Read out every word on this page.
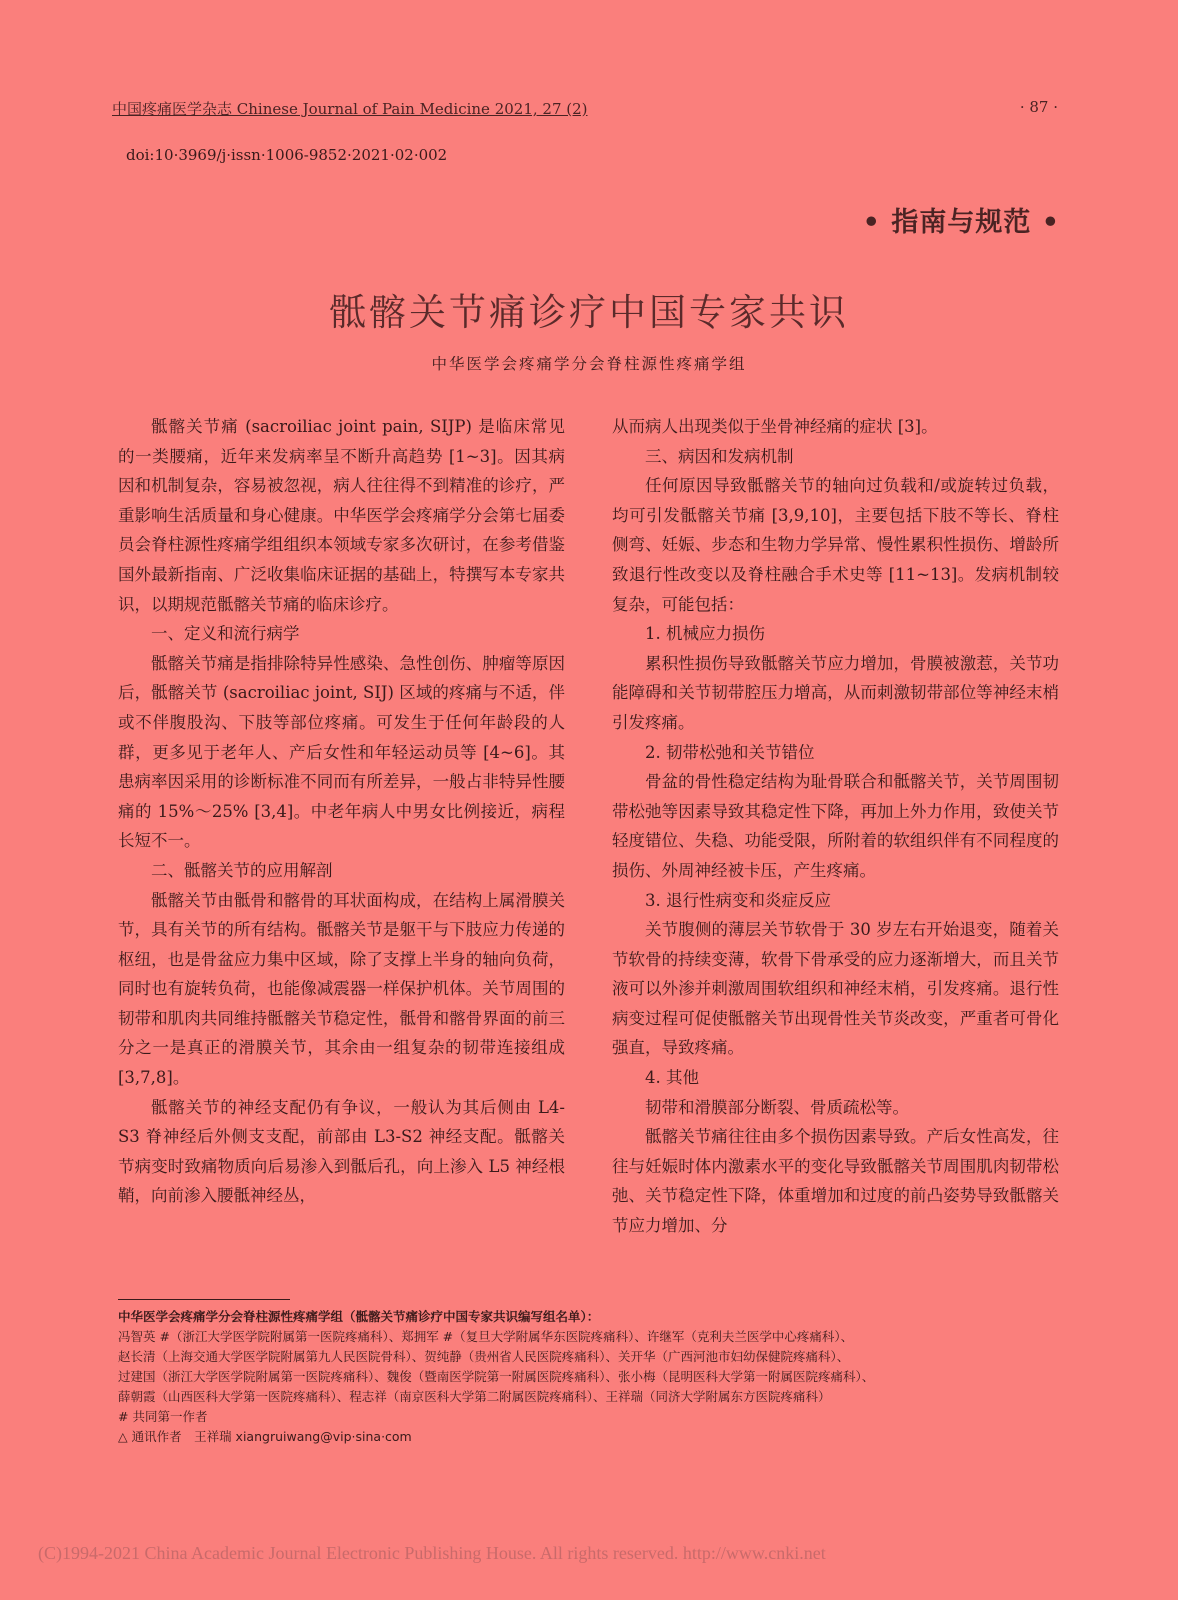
中国疼痛医学杂志 Chinese Journal of Pain Medicine 2021, 27 (2)	· 87 ·
doi:10·3969/j·issn·1006-9852·2021·02·002
• 指南与规范 •
骶髂关节痛诊疗中国专家共识
中华医学会疼痛学分会脊柱源性疼痛学组

骶髂关节痛 (sacroiliac joint pain, SIJP) 是临床常见的一类腰痛，近年来发病率呈不断升高趋势 [1~3]。因其病因和机制复杂，容易被忽视，病人往往得不到精准的诊疗，严重影响生活质量和身心健康。中华医学会疼痛学分会第七届委员会脊柱源性疼痛学组组织本领域专家多次研讨，在参考借鉴国外最新指南、广泛收集临床证据的基础上，特撰写本专家共识，以期规范骶髂关节痛的临床诊疗。

一、定义和流行病学

骶髂关节痛是指排除特异性感染、急性创伤、肿瘤等原因后，骶髂关节 (sacroiliac joint, SIJ) 区域的疼痛与不适，伴或不伴腹股沟、下肢等部位疼痛。可发生于任何年龄段的人群，更多见于老年人、产后女性和年轻运动员等 [4~6]。其患病率因采用的诊断标准不同而有所差异，一般占非特异性腰痛的 15%～25% [3,4]。中老年病人中男女比例接近，病程长短不一。

二、骶髂关节的应用解剖

骶髂关节由骶骨和髂骨的耳状面构成，在结构上属滑膜关节，具有关节的所有结构。骶髂关节是躯干与下肢应力传递的枢纽，也是骨盆应力集中区域，除了支撑上半身的轴向负荷，同时也有旋转负荷，也能像减震器一样保护机体。关节周围的韧带和肌肉共同维持骶髂关节稳定性，骶骨和髂骨界面的前三分之一是真正的滑膜关节，其余由一组复杂的韧带连接组成 [3,7,8]。

骶髂关节的神经支配仍有争议，一般认为其后侧由 L4-S3 脊神经后外侧支支配，前部由 L3-S2 神经支配。骶髂关节病变时致痛物质向后易渗入到骶后孔，向上渗入 L5 神经根鞘，向前渗入腰骶神经丛，

从而病人出现类似于坐骨神经痛的症状 [3]。

三、病因和发病机制

任何原因导致骶髂关节的轴向过负载和/或旋转过负载，均可引发骶髂关节痛 [3,9,10]，主要包括下肢不等长、脊柱侧弯、妊娠、步态和生物力学异常、慢性累积性损伤、增龄所致退行性改变以及脊柱融合手术史等 [11~13]。发病机制较复杂，可能包括：

1. 机械应力损伤

累积性损伤导致骶髂关节应力增加，骨膜被激惹，关节功能障碍和关节韧带腔压力增高，从而刺激韧带部位等神经末梢引发疼痛。

2. 韧带松弛和关节错位

骨盆的骨性稳定结构为耻骨联合和骶髂关节，关节周围韧带松弛等因素导致其稳定性下降，再加上外力作用，致使关节轻度错位、失稳、功能受限，所附着的软组织伴有不同程度的损伤、外周神经被卡压，产生疼痛。

3. 退行性病变和炎症反应

关节腹侧的薄层关节软骨于 30 岁左右开始退变，随着关节软骨的持续变薄，软骨下骨承受的应力逐渐增大，而且关节液可以外渗并刺激周围软组织和神经末梢，引发疼痛。退行性病变过程可促使骶髂关节出现骨性关节炎改变，严重者可骨化强直，导致疼痛。

4. 其他

韧带和滑膜部分断裂、骨质疏松等。

骶髂关节痛往往由多个损伤因素导致。产后女性高发，往往与妊娠时体内激素水平的变化导致骶髂关节周围肌肉韧带松弛、关节稳定性下降，体重增加和过度的前凸姿势导致骶髂关节应力增加、分

中华医学会疼痛学分会脊柱源性疼痛学组（骶髂关节痛诊疗中国专家共识编写组名单）：
冯智英 #（浙江大学医学院附属第一医院疼痛科）、郑拥军 #（复旦大学附属华东医院疼痛科）、许继军（克利夫兰医学中心疼痛科）、
赵长清（上海交通大学医学院附属第九人民医院骨科）、贺纯静（贵州省人民医院疼痛科）、关开华（广西河池市妇幼保健院疼痛科）、
过建国（浙江大学医学院附属第一医院疼痛科）、魏俊（暨南医学院第一附属医院疼痛科）、张小梅（昆明医科大学第一附属医院疼痛科）、
薛朝霞（山西医科大学第一医院疼痛科）、程志祥（南京医科大学第二附属医院疼痛科）、王祥瑞（同济大学附属东方医院疼痛科）
# 共同第一作者
△ 通讯作者　王祥瑞 xiangruiwang@vip·sina·com
(C)1994-2021 China Academic Journal Electronic Publishing House. All rights reserved. http://www.cnki.net
